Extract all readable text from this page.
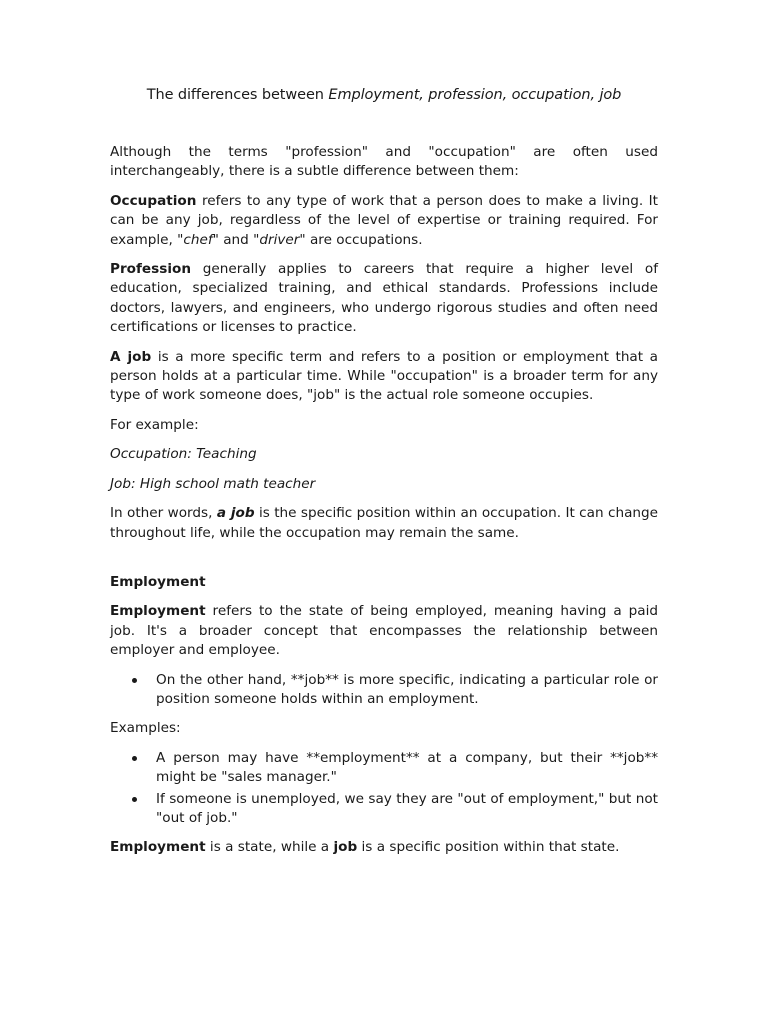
The differences between Employment, profession, occupation, job

Although the terms "profession" and "occupation" are often used interchangeably, there is a subtle difference between them:

Occupation refers to any type of work that a person does to make a living. It can be any job, regardless of the level of expertise or training required. For example, "chef" and "driver" are occupations.

Profession generally applies to careers that require a higher level of education, specialized training, and ethical standards. Professions include doctors, lawyers, and engineers, who undergo rigorous studies and often need certifications or licenses to practice.

A job is a more specific term and refers to a position or employment that a person holds at a particular time. While "occupation" is a broader term for any type of work someone does, "job" is the actual role someone occupies.

For example:

Occupation: Teaching

Job: High school math teacher

In other words, a job is the specific position within an occupation. It can change throughout life, while the occupation may remain the same.

Employment

Employment refers to the state of being employed, meaning having a paid job. It's a broader concept that encompasses the relationship between employer and employee.

On the other hand, **job** is more specific, indicating a particular role or position someone holds within an employment.

Examples:

A person may have **employment** at a company, but their **job** might be "sales manager."
If someone is unemployed, we say they are "out of employment," but not "out of job."

Employment is a state, while a job is a specific position within that state.
